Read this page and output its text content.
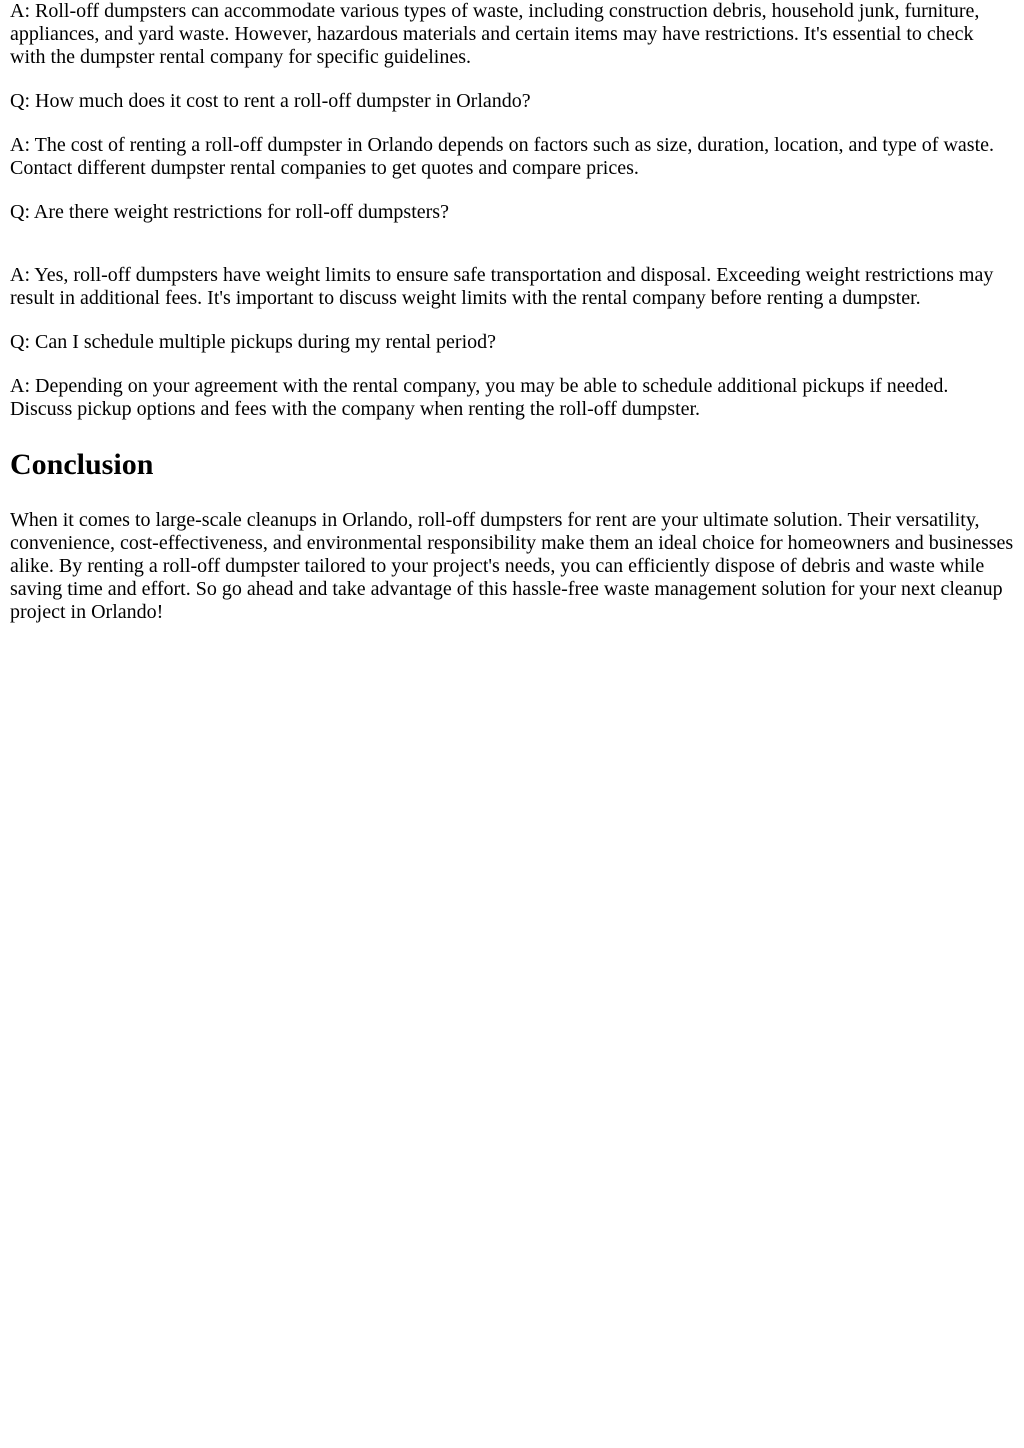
A: Roll-off dumpsters can accommodate various types of waste, including construction debris, household junk, furniture, appliances, and yard waste. However, hazardous materials and certain items may have restrictions. It's essential to check with the dumpster rental company for specific guidelines.

Q: How much does it cost to rent a roll-off dumpster in Orlando?

A: The cost of renting a roll-off dumpster in Orlando depends on factors such as size, duration, location, and type of waste. Contact different dumpster rental companies to get quotes and compare prices.

Q: Are there weight restrictions for roll-off dumpsters?

A: Yes, roll-off dumpsters have weight limits to ensure safe transportation and disposal. Exceeding weight restrictions may result in additional fees. It's important to discuss weight limits with the rental company before renting a dumpster.

Q: Can I schedule multiple pickups during my rental period?

A: Depending on your agreement with the rental company, you may be able to schedule additional pickups if needed. Discuss pickup options and fees with the company when renting the roll-off dumpster.

Conclusion

When it comes to large-scale cleanups in Orlando, roll-off dumpsters for rent are your ultimate solution. Their versatility, convenience, cost-effectiveness, and environmental responsibility make them an ideal choice for homeowners and businesses alike. By renting a roll-off dumpster tailored to your project's needs, you can efficiently dispose of debris and waste while saving time and effort. So go ahead and take advantage of this hassle-free waste management solution for your next cleanup project in Orlando!
